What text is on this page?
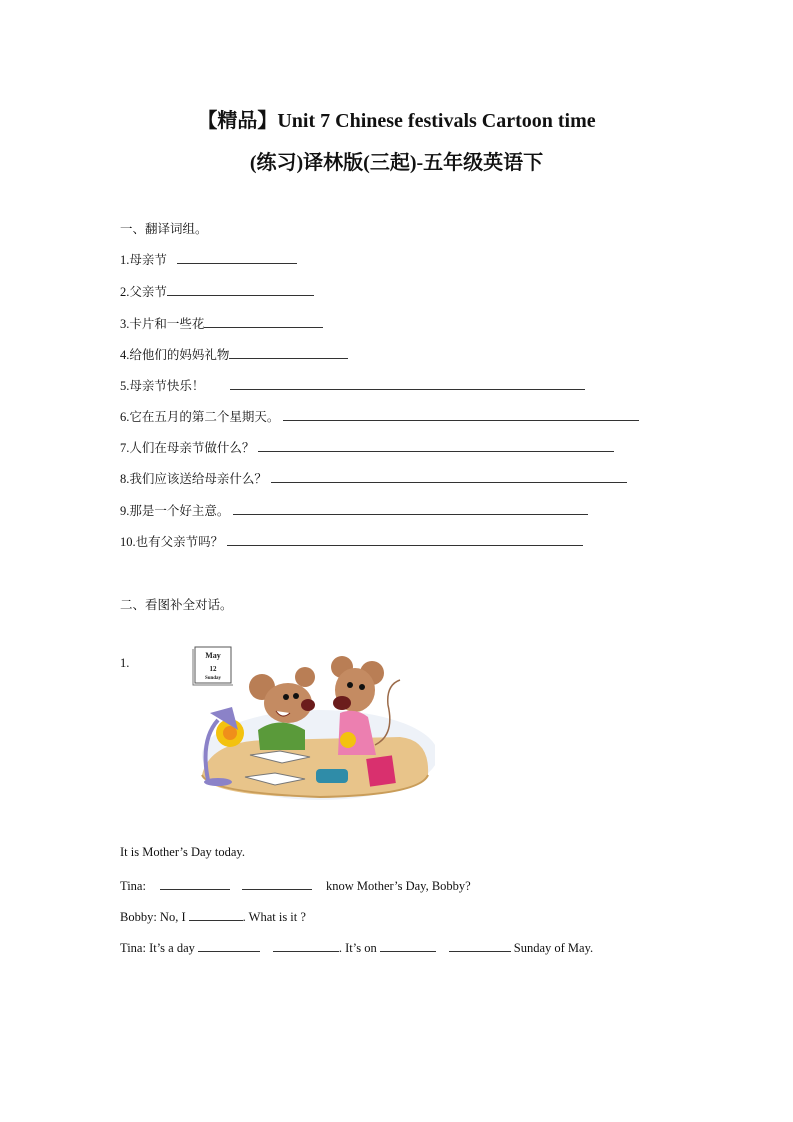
【精品】Unit 7 Chinese festivals Cartoon time
(练习)译林版(三起)-五年级英语下
一、翻译词组。
1.母亲节
2.父亲节
3.卡片和一些花
4.给他们的妈妈礼物
5.母亲节快乐！
6.它在五月的第二个星期天。
7.人们在母亲节做什么？
8.我们应该送给母亲什么？
9.那是一个好主意。
10.也有父亲节吗？
二、看图补全对话。
1.
May
12
Sunday
It is Mother’s Day today.
Tina:	know Mother’s Day, Bobby?
Bobby: No, I	. What is it ?
Tina: It’s a day	. It’s on	Sunday of May.
